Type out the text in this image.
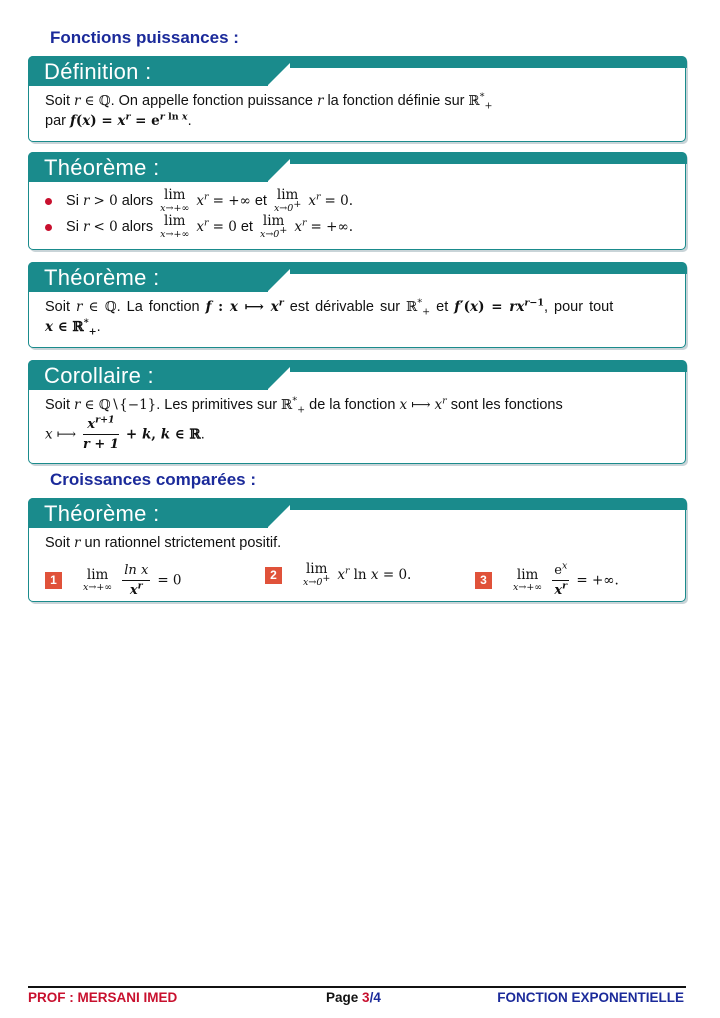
Fonctions puissances :
Définition :
Soit r ∈ ℚ. On appelle fonction puissance r la fonction définie sur ℝ*$_+$
par $f(x) = x^r = e^{r ln x}$.
Théorème :
Si r > 0 alors lim
x→+∞ $x^r$ = +∞ et lim
x→0+ $x^r = 0$.
Si r < 0 alors lim
x→+∞ $x^r = 0$ et lim
x→0+ $x^r$ = +∞.
Théorème :
Soit r ∈ ℚ. La fonction f : x ⟼ $x^r$ est dérivable sur ℝ*$_+$ et $f'(x) = rx^{r-1}$, pour tout
x ∈ ℝ*$_+$.
Corollaire :
Soit r ∈ ℚ∖{−1}. Les primitives sur ℝ*$_+$ de la fonction x ⟼ $x^r$ sont les fonctions
x ⟼ $\frac{x^{r+1}}{r + 1} + k$, k ∈ ℝ.
Croissances comparées :
Théorème :
Soit r un rationnel strictement positif.
1 lim
x→+∞
$\frac{\text{ln x}}{x^r} = 0$	2 lim
x→0+ $x^r$ ln x = 0.	3 lim
x→+∞
$\frac{e^x}{x^r}$ = +∞.
PROF : MERSANI IMED	Page 3/4	FONCTION EXPONENTIELLE
